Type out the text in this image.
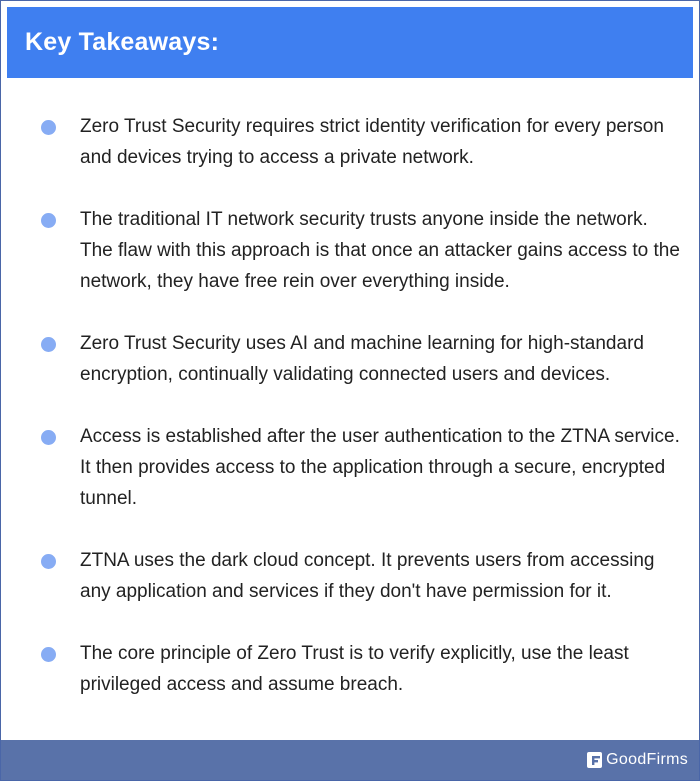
Key Takeaways:
Zero Trust Security requires strict identity verification for every person and devices trying to access a private network.
The traditional IT network security trusts anyone inside the network. The flaw with this approach is that once an attacker gains access to the network, they have free rein over everything inside.
Zero Trust Security uses AI and machine learning for high-standard encryption, continually validating connected users and devices.
Access is established after the user authentication to the ZTNA service. It then provides access to the application through a secure, encrypted tunnel.
ZTNA uses the dark cloud concept. It prevents users from accessing any application and services if they don't have permission for it.
The core principle of Zero Trust is to verify explicitly, use the least privileged access and assume breach.
GoodFirms
